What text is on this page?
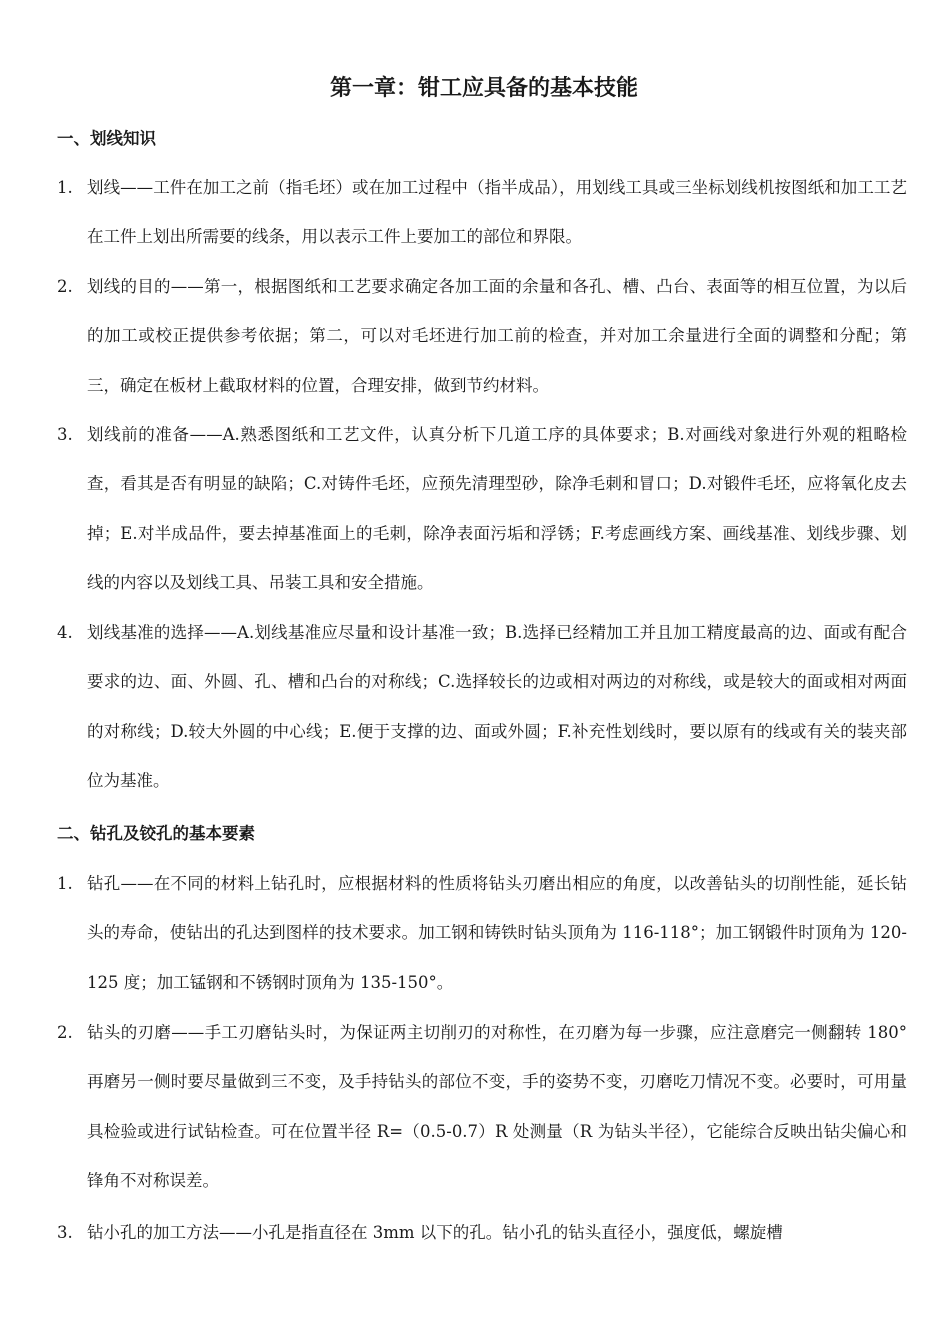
第一章：钳工应具备的基本技能
一、划线知识
1. 划线——工件在加工之前（指毛坯）或在加工过程中（指半成品），用划线工具或三坐标划线机按图纸和加工工艺在工件上划出所需要的线条，用以表示工件上要加工的部位和界限。
2. 划线的目的——第一，根据图纸和工艺要求确定各加工面的余量和各孔、槽、凸台、表面等的相互位置，为以后的加工或校正提供参考依据；第二，可以对毛坯进行加工前的检查，并对加工余量进行全面的调整和分配；第三，确定在板材上截取材料的位置，合理安排，做到节约材料。
3. 划线前的准备——A.熟悉图纸和工艺文件，认真分析下几道工序的具体要求；B.对画线对象进行外观的粗略检查，看其是否有明显的缺陷；C.对铸件毛坯，应预先清理型砂，除净毛刺和冒口；D.对锻件毛坯，应将氧化皮去掉；E.对半成品件，要去掉基准面上的毛刺，除净表面污垢和浮锈；F.考虑画线方案、画线基准、划线步骤、划线的内容以及划线工具、吊装工具和安全措施。
4. 划线基准的选择——A.划线基准应尽量和设计基准一致；B.选择已经精加工并且加工精度最高的边、面或有配合要求的边、面、外圆、孔、槽和凸台的对称线；C.选择较长的边或相对两边的对称线，或是较大的面或相对两面的对称线；D.较大外圆的中心线；E.便于支撑的边、面或外圆；F.补充性划线时，要以原有的线或有关的装夹部位为基准。
二、钻孔及铰孔的基本要素
1. 钻孔——在不同的材料上钻孔时，应根据材料的性质将钻头刃磨出相应的角度，以改善钻头的切削性能，延长钻头的寿命，使钻出的孔达到图样的技术要求。加工钢和铸铁时钻头顶角为 116-118°；加工钢锻件时顶角为 120-125 度；加工锰钢和不锈钢时顶角为 135-150°。
2. 钻头的刃磨——手工刃磨钻头时，为保证两主切削刃的对称性，在刃磨为每一步骤，应注意磨完一侧翻转 180°再磨另一侧时要尽量做到三不变，及手持钻头的部位不变，手的姿势不变，刃磨吃刀情况不变。必要时，可用量具检验或进行试钻检查。可在位置半径 R=（0.5-0.7）R 处测量（R 为钻头半径），它能综合反映出钻尖偏心和锋角不对称误差。
3. 钻小孔的加工方法——小孔是指直径在 3mm 以下的孔。钻小孔的钻头直径小，强度低，螺旋槽
